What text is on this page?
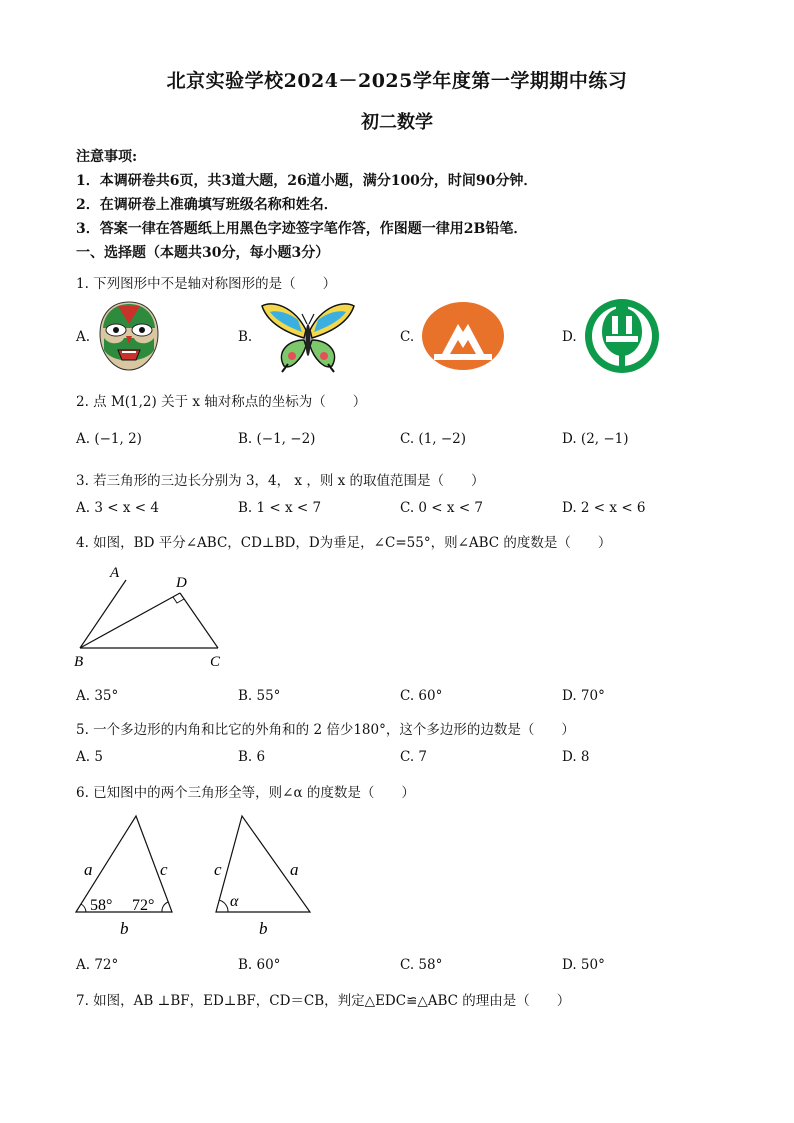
北京实验学校2024－2025学年度第一学期期中练习
初二数学
注意事项:
1．本调研卷共6页，共3道大题，26道小题，满分100分，时间90分钟．
2．在调研卷上准确填写班级名称和姓名．
3．答案一律在答题纸上用黑色字迹签字笔作答，作图题一律用2B铅笔．
一、选择题（本题共30分，每小题3分）
1. 下列图形中不是轴对称图形的是（　　）
A.	B.	C.	D.
2. 点 M(1,2) 关于 x 轴对称点的坐标为（　　）
A. (−1, 2)	B. (−1, −2)	C. (1, −2)	D. (2, −1)
3. 若三角形的三边长分别为 3，4， x ，则 x 的取值范围是（　　）
A. 3 < x < 4	B. 1 < x < 7	C. 0 < x < 7	D. 2 < x < 6
4. 如图，BD 平分∠ABC，CD⊥BD，D为垂足，∠C=55°，则∠ABC 的度数是（　　）
A
D
B	C
A. 35°	B. 55°	C. 60°	D. 70°
5. 一个多边形的内角和比它的外角和的 2 倍少180°，这个多边形的边数是（　　）
A. 5	B. 6	C. 7	D. 8
6. 已知图中的两个三角形全等，则∠α 的度数是（　　）
a	c
58° 72°
b
c	a
α
b
A. 72°	B. 60°	C. 58°	D. 50°
7. 如图，AB ⊥BF，ED⊥BF，CD＝CB，判定△EDC≌△ABC 的理由是（　　）
